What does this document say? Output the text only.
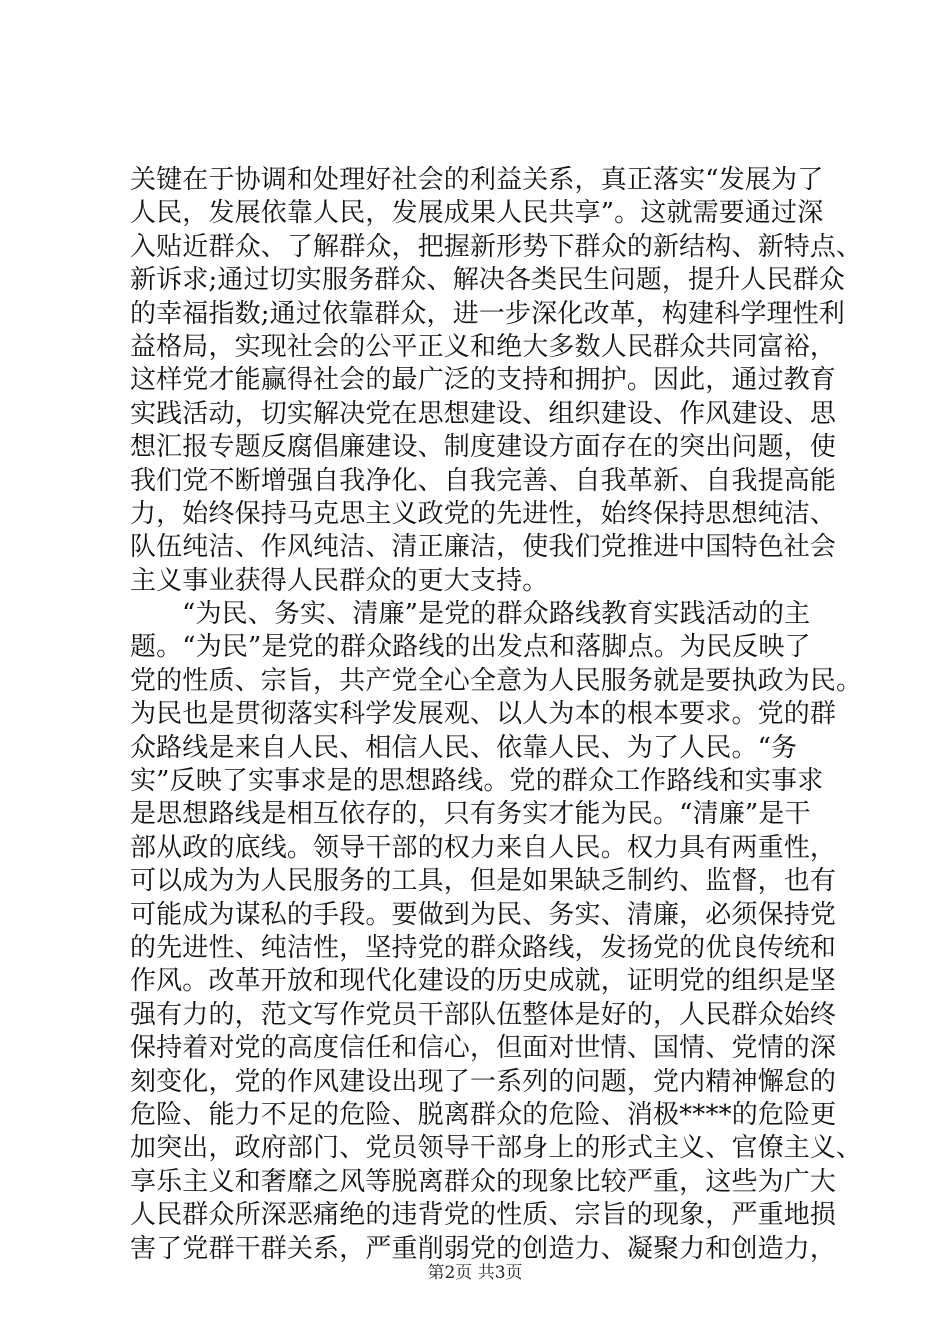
关键在于协调和处理好社会的利益关系，真正落实“发展为了
人民，发展依靠人民，发展成果人民共享”。这就需要通过深
入贴近群众、了解群众，把握新形势下群众的新结构、新特点、
新诉求;通过切实服务群众、解决各类民生问题，提升人民群众
的幸福指数;通过依靠群众，进一步深化改革，构建科学理性利
益格局，实现社会的公平正义和绝大多数人民群众共同富裕，
这样党才能赢得社会的最广泛的支持和拥护。因此，通过教育
实践活动，切实解决党在思想建设、组织建设、作风建设、思
想汇报专题反腐倡廉建设、制度建设方面存在的突出问题，使
我们党不断增强自我净化、自我完善、自我革新、自我提高能
力，始终保持马克思主义政党的先进性，始终保持思想纯洁、
队伍纯洁、作风纯洁、清正廉洁，使我们党推进中国特色社会
主义事业获得人民群众的更大支持。
“为民、务实、清廉”是党的群众路线教育实践活动的主
题。“为民”是党的群众路线的出发点和落脚点。为民反映了
党的性质、宗旨，共产党全心全意为人民服务就是要执政为民。
为民也是贯彻落实科学发展观、以人为本的根本要求。党的群
众路线是来自人民、相信人民、依靠人民、为了人民。“务
实”反映了实事求是的思想路线。党的群众工作路线和实事求
是思想路线是相互依存的，只有务实才能为民。“清廉”是干
部从政的底线。领导干部的权力来自人民。权力具有两重性，
可以成为为人民服务的工具，但是如果缺乏制约、监督，也有
可能成为谋私的手段。要做到为民、务实、清廉，必须保持党
的先进性、纯洁性，坚持党的群众路线，发扬党的优良传统和
作风。改革开放和现代化建设的历史成就，证明党的组织是坚
强有力的，范文写作党员干部队伍整体是好的，人民群众始终
保持着对党的高度信任和信心，但面对世情、国情、党情的深
刻变化，党的作风建设出现了一系列的问题，党内精神懈怠的
危险、能力不足的危险、脱离群众的危险、消极****的危险更
加突出，政府部门、党员领导干部身上的形式主义、官僚主义、
享乐主义和奢靡之风等脱离群众的现象比较严重，这些为广大
人民群众所深恶痛绝的违背党的性质、宗旨的现象，严重地损
害了党群干群关系，严重削弱党的创造力、凝聚力和创造力，
第2页 共3页
